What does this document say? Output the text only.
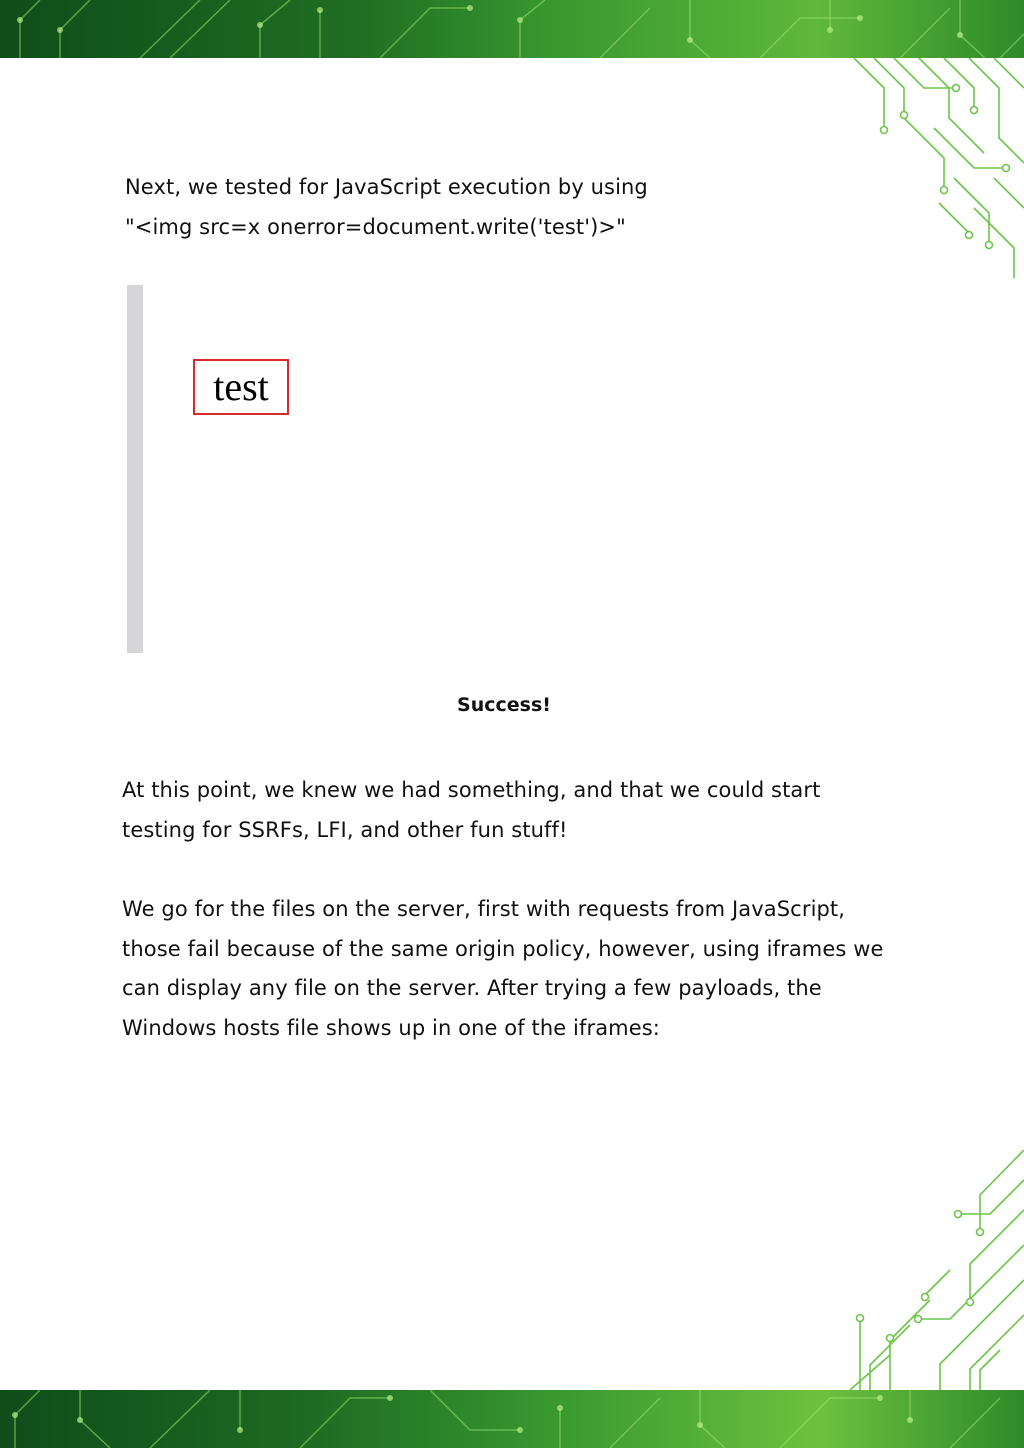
Next, we tested for JavaScript execution by using
"<img src=x onerror=document.write('test')>"

test

Success!

At this point, we knew we had something, and that we could start testing for SSRFs, LFI, and other fun stuff!

We go for the files on the server, first with requests from JavaScript, those fail because of the same origin policy, however, using iframes we can display any file on the server. After trying a few payloads, the Windows hosts file shows up in one of the iframes:
